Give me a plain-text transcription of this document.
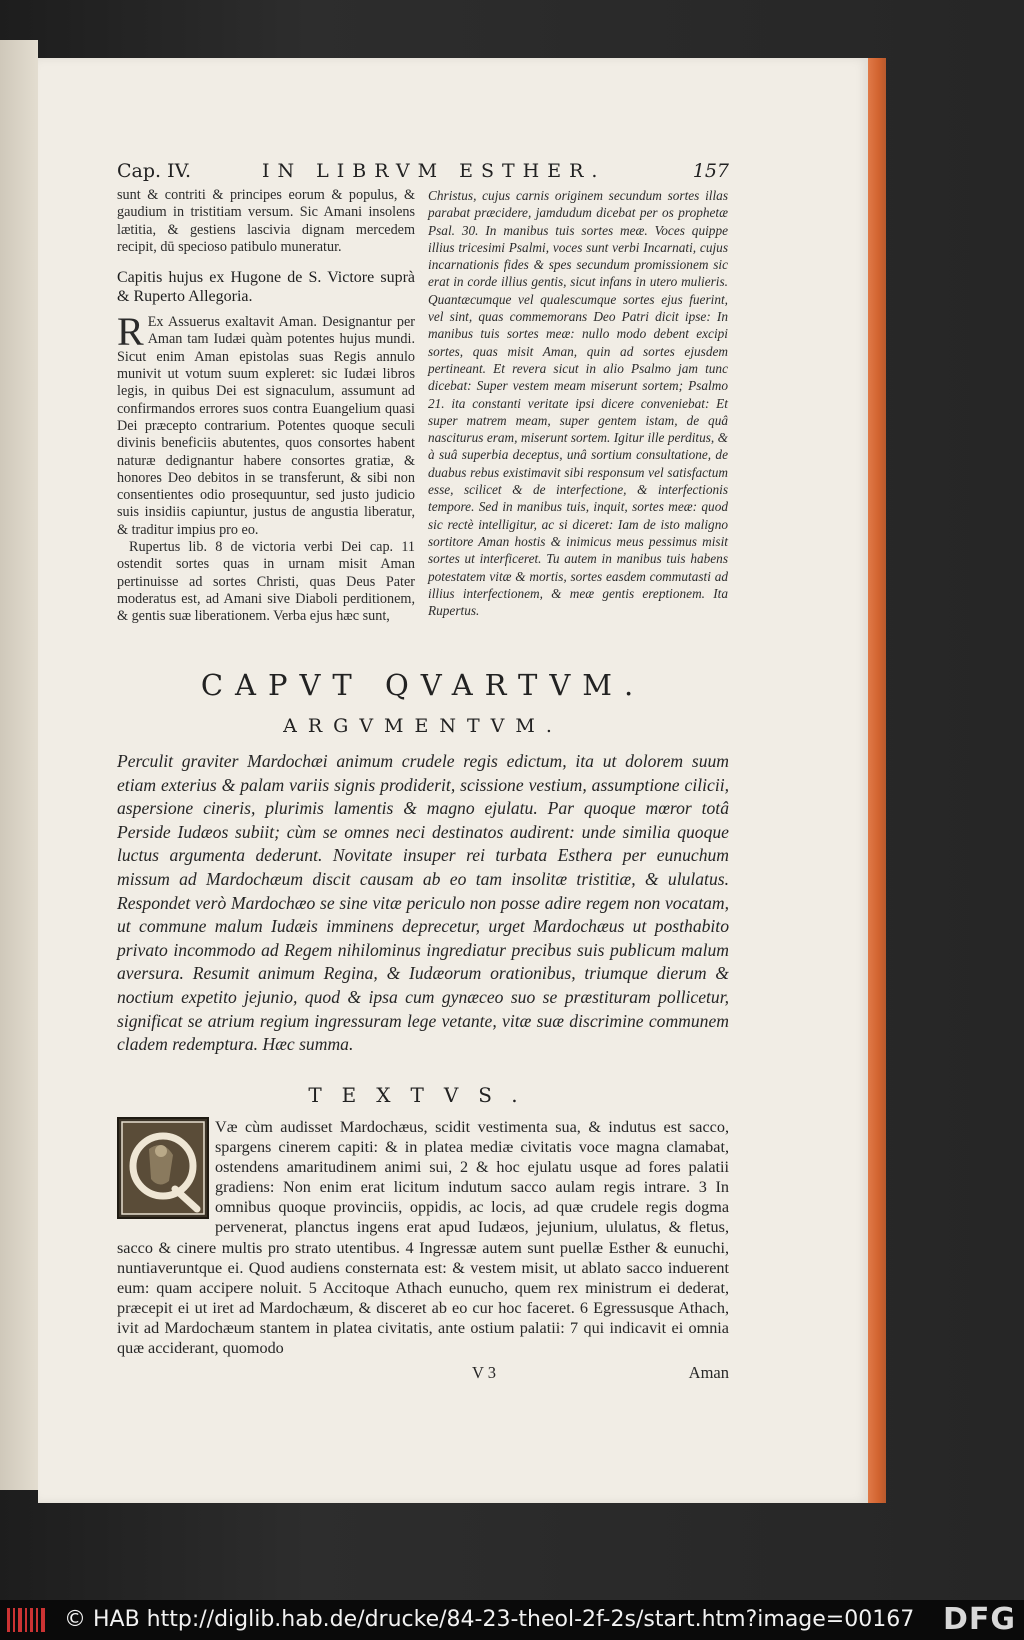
Cap. IV.	IN LIBRVM ESTHER.	157

sunt & contriti & principes eorum & populus, & gaudium in tristitiam versum. Sic Amani insolens lætitia, & gestiens lascivia dignam mercedem recipit, dū specioso patibulo muneratur.

Capitis hujus ex Hugone de S. Victore suprà & Ruperto Allegoria.

R Ex Assuerus exaltavit Aman. Designantur per Aman tam Iudæi quàm potentes hujus mundi. Sicut enim Aman epistolas suas Regis annulo munivit ut votum suum expleret: sic Iudæi libros legis, in quibus Dei est signaculum, assumunt ad confirmandos errores suos contra Euangelium quasi Dei præcepto contrarium. Potentes quoque seculi divinis beneficiis abutentes, quos consortes habent naturæ dedignantur habere consortes gratiæ, & honores Deo debitos in se transferunt, & sibi non consentientes odio prosequuntur, sed justo judicio suis insidiis capiuntur, justus de angustia liberatur, & traditur impius pro eo.

Rupertus lib. 8 de victoria verbi Dei cap. 11 ostendit sortes quas in urnam misit Aman pertinuisse ad sortes Christi, quas Deus Pater moderatus est, ad Amani sive Diaboli perditionem, & gentis suæ liberationem. Verba ejus hæc sunt,

Christus, cujus carnis originem secundum sortes illas parabat præcidere, jamdudum dicebat per os prophetæ Psal. 30. In manibus tuis sortes meæ. Voces quippe illius tricesimi Psalmi, voces sunt verbi Incarnati, cujus incarnationis fides & spes secundum promissionem sic erat in corde illius gentis, sicut infans in utero mulieris. Quantæcumque vel qualescumque sortes ejus fuerint, vel sint, quas commemorans Deo Patri dicit ipse: In manibus tuis sortes meæ: nullo modo debent excipi sortes, quas misit Aman, quin ad sortes ejusdem pertineant. Et revera sicut in alio Psalmo jam tunc dicebat: Super vestem meam miserunt sortem; Psalmo 21. ita constanti veritate ipsi dicere conveniebat: Et super matrem meam, super gentem istam, de quâ nasciturus eram, miserunt sortem. Igitur ille perditus, & à suâ superbia deceptus, unâ sortium consultatione, de duabus rebus existimavit sibi responsum vel satisfactum esse, scilicet & de interfectione, & interfectionis tempore. Sed in manibus tuis, inquit, sortes meæ: quod sic rectè intelligitur, ac si diceret: Iam de isto maligno sortitore Aman hostis & inimicus meus pessimus misit sortes ut interficeret. Tu autem in manibus tuis habens potestatem vitæ & mortis, sortes easdem commutasti ad illius interfectionem, & meæ gentis ereptionem. Ita Rupertus.

CAPVT QVARTVM.
ARGVMENTVM.
Perculit graviter Mardochæi animum crudele regis edictum, ita ut dolorem suum etiam exterius & palam variis signis prodiderit, scissione vestium, assumptione cilicii, aspersione cineris, plurimis lamentis & magno ejulatu. Par quoque mœror totâ Perside Iudæos subiit; cùm se omnes neci destinatos audirent: unde similia quoque luctus argumenta dederunt. Novitate insuper rei turbata Esthera per eunuchum missum ad Mardochæum discit causam ab eo tam insolitæ tristitiæ, & ululatus. Respondet verò Mardochæo se sine vitæ periculo non posse adire regem non vocatam, ut commune malum Iudæis imminens deprecetur, urget Mardochæus ut posthabito privato incommodo ad Regem nihilominus ingrediatur precibus suis publicum malum aversura. Resumit animum Regina, & Iudæorum orationibus, triumque dierum & noctium expetito jejunio, quod & ipsa cum gynæceo suo se præstituram pollicetur, significat se atrium regium ingressuram lege vetante, vitæ suæ discrimine communem cladem redemptura. Hæc summa.
TEXTVS.
Væ cùm audisset Mardochæus, scidit vestimenta sua, & indutus est sacco, spargens cinerem capiti: & in platea mediæ civitatis voce magna clamabat, ostendens amaritudinem animi sui, 2 & hoc ejulatu usque ad fores palatii gradiens: Non enim erat licitum indutum sacco aulam regis intrare. 3 In omnibus quoque provinciis, oppidis, ac locis, ad quæ crudele regis dogma pervenerat, planctus ingens erat apud Iudæos, jejunium, ululatus, & fletus, sacco & cinere multis pro strato utentibus. 4 Ingressæ autem sunt puellæ Esther & eunuchi, nuntiaveruntque ei. Quod audiens consternata est: & vestem misit, ut ablato sacco induerent eum: quam accipere noluit. 5 Accitoque Athach eunucho, quem rex ministrum ei dederat, præcepit ei ut iret ad Mardochæum, & disceret ab eo cur hoc faceret. 6 Egressusque Athach, ivit ad Mardochæum stantem in platea civitatis, ante ostium palatii: 7 qui indicavit ei omnia quæ acciderant, quomodo
V 3	Aman
© HAB http://diglib.hab.de/drucke/84-23-theol-2f-2s/start.htm?image=00167 DFG
